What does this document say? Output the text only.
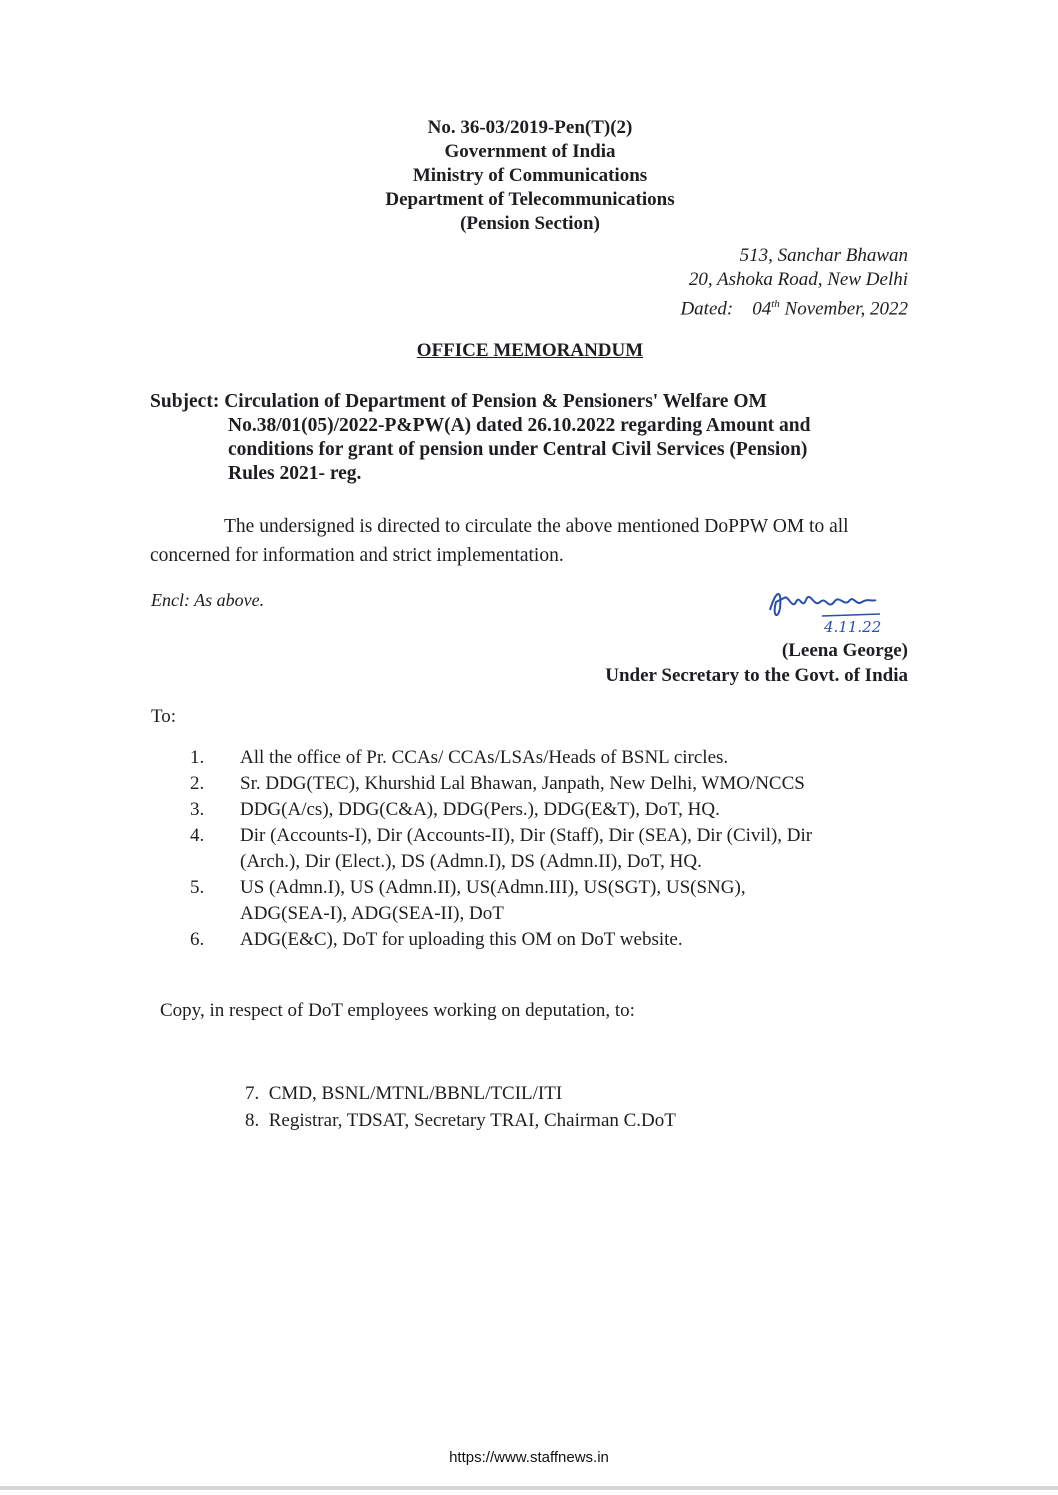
No. 36-03/2019-Pen(T)(2)
Government of India
Ministry of Communications
Department of Telecommunications
(Pension Section)
513, Sanchar Bhawan
20, Ashoka Road, New Delhi
Dated: 04th November, 2022
OFFICE MEMORANDUM
Subject: Circulation of Department of Pension & Pensioners' Welfare OM
No.38/01(05)/2022-P&PW(A) dated 26.10.2022 regarding Amount and
conditions for grant of pension under Central Civil Services (Pension)
Rules 2021- reg.
The undersigned is directed to circulate the above mentioned DoPPW OM to all concerned for information and strict implementation.
Encl: As above.
4.11.22
(Leena George)
Under Secretary to the Govt. of India
To:
1. All the office of Pr. CCAs/ CCAs/LSAs/Heads of BSNL circles.
2. Sr. DDG(TEC), Khurshid Lal Bhawan, Janpath, New Delhi, WMO/NCCS
3. DDG(A/cs), DDG(C&A), DDG(Pers.), DDG(E&T), DoT, HQ.
4. Dir (Accounts-I), Dir (Accounts-II), Dir (Staff), Dir (SEA), Dir (Civil), Dir
(Arch.), Dir (Elect.), DS (Admn.I), DS (Admn.II), DoT, HQ.
5. US (Admn.I), US (Admn.II), US(Admn.III), US(SGT), US(SNG),
ADG(SEA-I), ADG(SEA-II), DoT
6. ADG(E&C), DoT for uploading this OM on DoT website.
Copy, in respect of DoT employees working on deputation, to:
7. CMD, BSNL/MTNL/BBNL/TCIL/ITI
8. Registrar, TDSAT, Secretary TRAI, Chairman C.DoT
https://www.staffnews.in
